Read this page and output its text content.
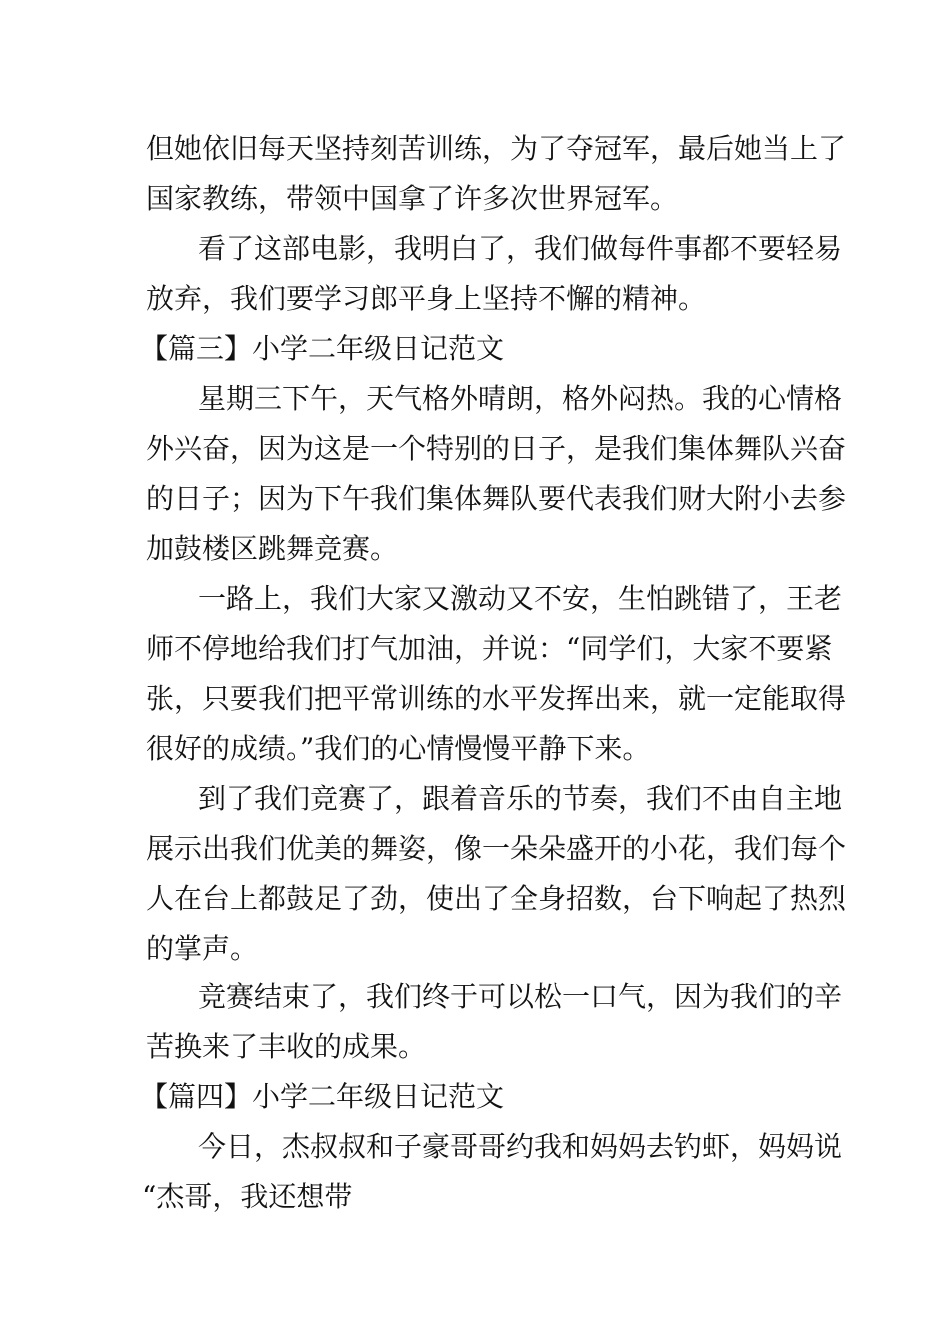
但她依旧每天坚持刻苦训练，为了夺冠军，最后她当上了
国家教练，带领中国拿了许多次世界冠军。
看了这部电影，我明白了，我们做每件事都不要轻易
放弃，我们要学习郎平身上坚持不懈的精神。
【篇三】小学二年级日记范文
星期三下午，天气格外晴朗，格外闷热。我的心情格
外兴奋，因为这是一个特别的日子，是我们集体舞队兴奋
的日子；因为下午我们集体舞队要代表我们财大附小去参
加鼓楼区跳舞竞赛。
一路上，我们大家又激动又不安，生怕跳错了，王老
师不停地给我们打气加油，并说：“同学们，大家不要紧
张，只要我们把平常训练的水平发挥出来，就一定能取得
很好的成绩。”我们的心情慢慢平静下来。
到了我们竞赛了，跟着音乐的节奏，我们不由自主地
展示出我们优美的舞姿，像一朵朵盛开的小花，我们每个
人在台上都鼓足了劲，使出了全身招数，台下响起了热烈
的掌声。
竞赛结束了，我们终于可以松一口气，因为我们的辛
苦换来了丰收的成果。
【篇四】小学二年级日记范文
今日，杰叔叔和子豪哥哥约我和妈妈去钓虾，妈妈说
“杰哥，我还想带
